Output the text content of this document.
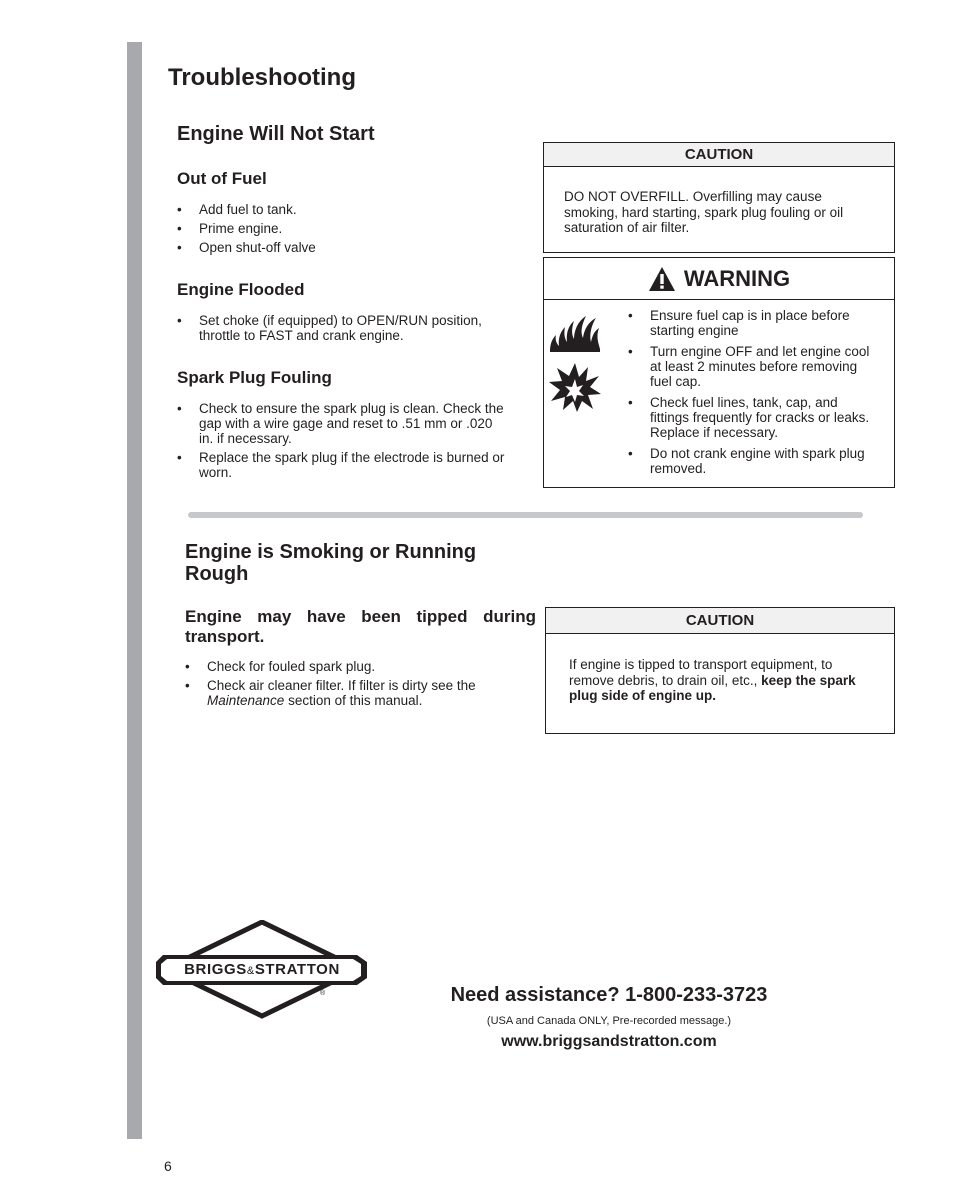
Troubleshooting
Engine Will Not Start
Out of Fuel
• Add fuel to tank.
• Prime engine.
• Open shut-off valve
Engine Flooded
• Set choke (if equipped) to OPEN/RUN position, throttle to FAST and crank engine.
Spark Plug Fouling
• Check to ensure the spark plug is clean. Check the gap with a wire gage and reset to .51 mm or .020 in. if necessary.
• Replace the spark plug if the electrode is burned or worn.
CAUTION
DO NOT OVERFILL. Overfilling may cause smoking, hard starting, spark plug fouling or oil saturation of air filter.
WARNING
• Ensure fuel cap is in place before starting engine
• Turn engine OFF and let engine cool at least 2 minutes before removing fuel cap.
• Check fuel lines, tank, cap, and fittings frequently for cracks or leaks. Replace if necessary.
• Do not crank engine with spark plug removed.
Engine is Smoking or Running Rough
Engine may have been tipped during transport.
• Check for fouled spark plug.
• Check air cleaner filter. If filter is dirty see the Maintenance section of this manual.
CAUTION
If engine is tipped to transport equipment, to remove debris, to drain oil, etc., keep the spark plug side of engine up.
BRIGGS&STRATTON
®	Need assistance? 1-800-233-3723
(USA and Canada ONLY, Pre-recorded message.)
www.briggsandstratton.com
6
